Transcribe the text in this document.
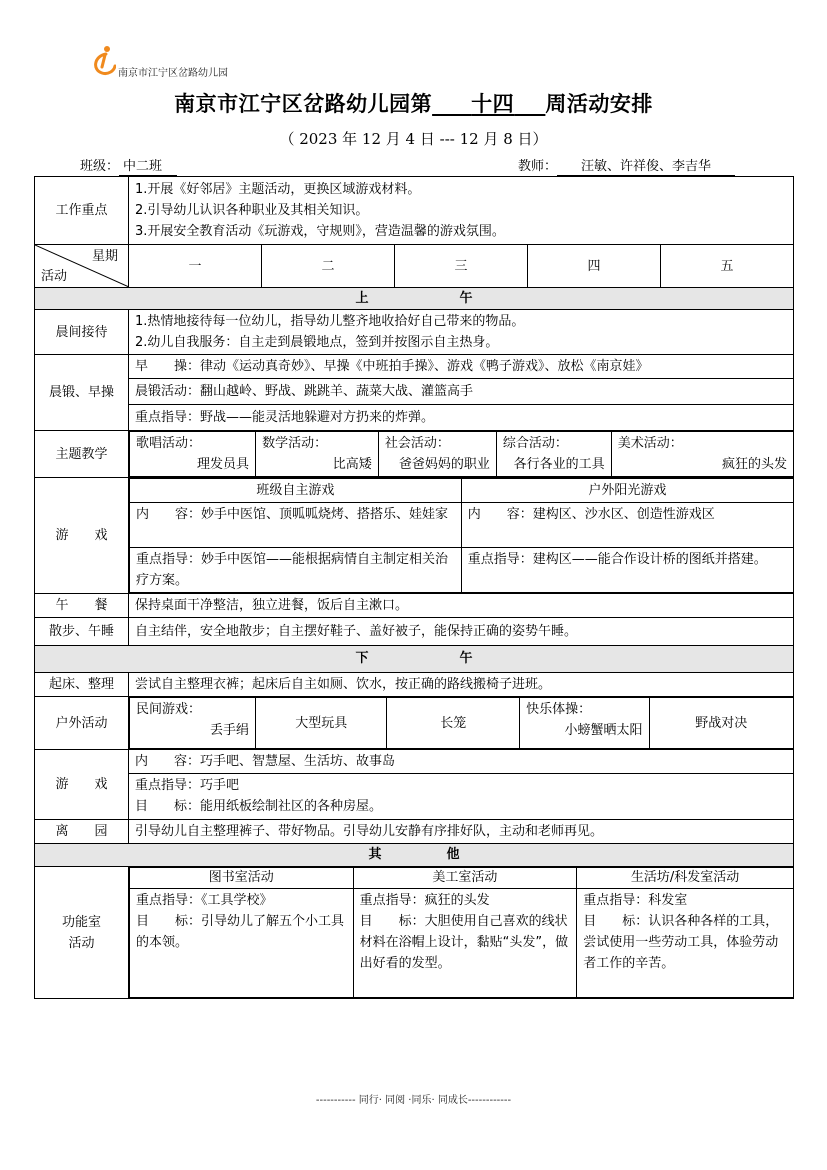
南京市江宁区岔路幼儿园
南京市江宁区岔路幼儿园第 十四 周活动安排
（ 2023 年 12 月 4 日 --- 12 月 8 日）
班级： 中二班	教师： 汪敏、许祥俊、李吉华
工作重点	
1.开展《好邻居》主题活动，更换区域游戏材料。
2.引导幼儿认识各种职业及其相关知识。
3.开展安全教育活动《玩游戏，守规则》，营造温馨的游戏氛围。

星期
活动
	一	二	三	四	五
上　　　　　　　午
晨间接待	
1.热情地接待每一位幼儿，指导幼儿整齐地收拾好自己带来的物品。
2.幼儿自我服务：自主走到晨锻地点，签到并按图示自主热身。

晨锻、早操	
早　　操：律动《运动真奇妙》、早操《中班拍手操》、游戏《鸭子游戏》、放松《南京娃》
晨锻活动：翻山越岭、野战、跳跳羊、蔬菜大战、灌篮高手
重点指导：野战——能灵活地躲避对方扔来的炸弹。

主题教学	
歌唱活动：
理发员具

数学活动：
比高矮

社会活动：
爸爸妈妈的职业

综合活动：
各行各业的工具

美术活动：
疯狂的头发

游　　戏	
班级自主游戏	户外阳光游戏
内　　容：妙手中医馆、顶呱呱烧烤、搭搭乐、娃娃家	内　　容：建构区、沙水区、创造性游戏区
重点指导：妙手中医馆——能根据病情自主制定相关治疗方案。	重点指导：建构区——能合作设计桥的图纸并搭建。

午　　餐	保持桌面干净整洁，独立进餐，饭后自主漱口。
散步、午睡	自主结伴，安全地散步；自主摆好鞋子、盖好被子，能保持正确的姿势午睡。
下　　　　　　　午
起床、整理	尝试自主整理衣裤；起床后自主如厕、饮水，按正确的路线搬椅子进班。
户外活动	
民间游戏：
丢手绢	大型玩具	长笼	
快乐体操：
小螃蟹晒太阳	野战对决

游　　戏	
内　　容：巧手吧、智慧屋、生活坊、故事岛
重点指导：巧手吧
目　　标：能用纸板绘制社区的各种房屋。

离　　园	引导幼儿自主整理裤子、带好物品。引导幼儿安静有序排好队，主动和老师再见。
其　　　　　他

功能室
活动

图书室活动	美工室活动	生活坊/科发室活动

重点指导：《工具学校》
目　　标：引导幼儿了解五个小工具的本领。

重点指导：疯狂的头发
目　　标：大胆使用自己喜欢的线状材料在浴帽上设计，黏贴“头发”，做出好看的发型。

重点指导：科发室
目　　标：认识各种各样的工具，尝试使用一些劳动工具，体验劳动者工作的辛苦。
----------- 同行· 同阅 ·同乐· 同成长------------
